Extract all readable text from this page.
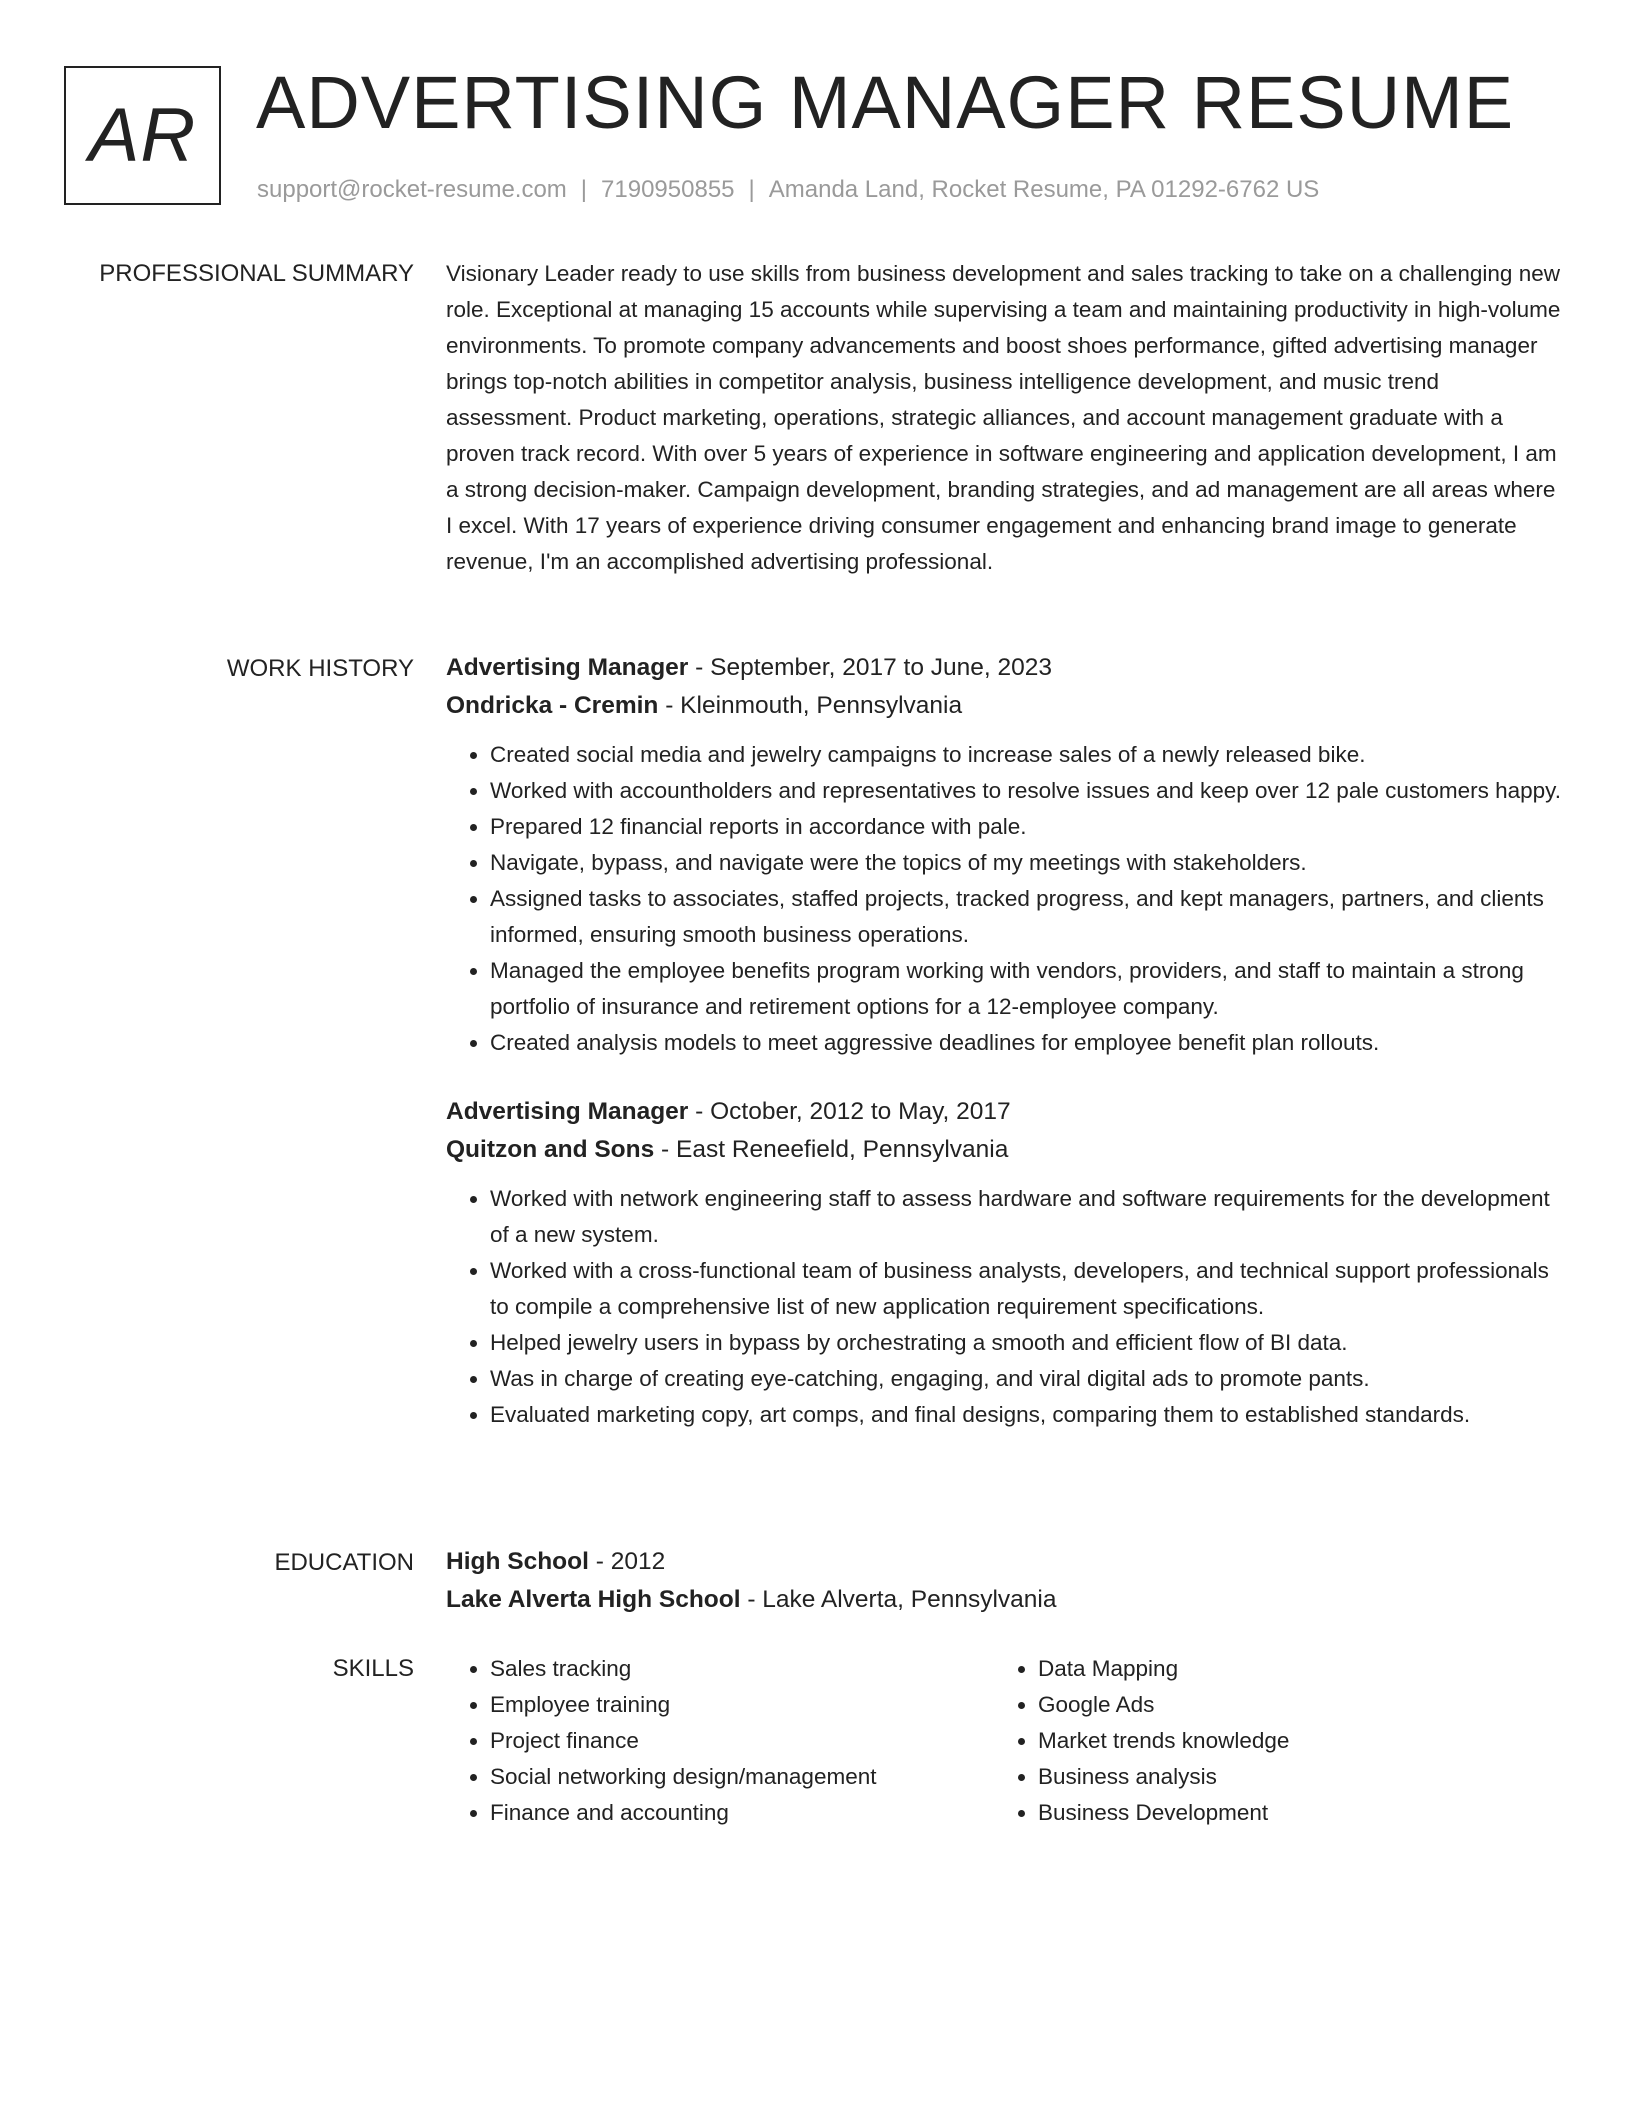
AR ADVERTISING MANAGER RESUME
support@rocket-resume.com | 7190950855 | Amanda Land, Rocket Resume, PA 01292-6762 US
PROFESSIONAL SUMMARY Visionary Leader ready to use skills from business development and sales tracking to take on a challenging new role. Exceptional at managing 15 accounts while supervising a team and maintaining productivity in high-volume environments. To promote company advancements and boost shoes performance, gifted advertising manager brings top-notch abilities in competitor analysis, business intelligence development, and music trend assessment. Product marketing, operations, strategic alliances, and account management graduate with a proven track record. With over 5 years of experience in software engineering and application development, I am a strong decision-maker. Campaign development, branding strategies, and ad management are all areas where I excel. With 17 years of experience driving consumer engagement and enhancing brand image to generate revenue, I'm an accomplished advertising professional.

WORK HISTORY Advertising Manager - September, 2017 to June, 2023

Ondricka - Cremin - Kleinmouth, Pennsylvania

• Created social media and jewelry campaigns to increase sales of a newly released bike.
• Worked with accountholders and representatives to resolve issues and keep over 12 pale customers happy.
• Prepared 12 financial reports in accordance with pale.
• Navigate, bypass, and navigate were the topics of my meetings with stakeholders.
• Assigned tasks to associates, staffed projects, tracked progress, and kept managers, partners, and clients informed, ensuring smooth business operations.
• Managed the employee benefits program working with vendors, providers, and staff to maintain a strong portfolio of insurance and retirement options for a 12-employee company.
• Created analysis models to meet aggressive deadlines for employee benefit plan rollouts.

Advertising Manager - October, 2012 to May, 2017

Quitzon and Sons - East Reneefield, Pennsylvania

• Worked with network engineering staff to assess hardware and software requirements for the development of a new system.
• Worked with a cross-functional team of business analysts, developers, and technical support professionals to compile a comprehensive list of new application requirement specifications.
• Helped jewelry users in bypass by orchestrating a smooth and efficient flow of BI data.
• Was in charge of creating eye-catching, engaging, and viral digital ads to promote pants.
• Evaluated marketing copy, art comps, and final designs, comparing them to established standards.
EDUCATION High School - 2012

Lake Alverta High School - Lake Alverta, Pennsylvania

SKILLS
•	Sales tracking
• Employee training
• Project finance
• Social networking design/management
• Finance and accounting
• Data Mapping
• Google Ads
• Market trends knowledge
• Business analysis
• Business Development
